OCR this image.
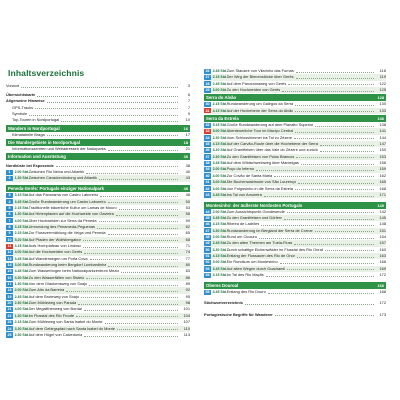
Inhaltsverzeichnis
Vorwort	3
Übersichtskarte	6
Allgemeine Hinweise	7
GPS-Tracks	7
Symbole	9
Top-Touren in Nordportugal	10
Wandern in Nordportugal	16
Klimatabelle Braga	17
Die Wandergebiete in Nordportugal	18
Informationszentren und Webadressen der Naturparks	21
Information und Ausrüstung	36
Nordküste bei Esposende	38
1	2.00 Std. Zwischen Rio Neiva und Atlantik	40
2	1.30 Std. Zwischen Cavadomündung und Atlantik	43
Peneda-Gerês: Portugals einziger Nationalpark	46
3	3.15 Std. Auf das Panorama von Castro Laboreiro	48
4	3.45 Std. Große Rundwanderung um Castro Laboreiro	50
5	2.15 Std. Traditionelle bäuerliche Kultur um Lamas de Mouro	53
6	1.30 Std. Auf Hirtenpfaden auf die Hochweide von Gavieira	56
7	4.00 Std. Über Hochweiden zur Serra da Peneda	59
8	3.15 Std. Umrundung des Penameda-Peguenas	62
9	2.15 Std. Zur Flussverrmählung die Veiga und Peneda	65
10 5.20 Std. Auf Pfaden der Wolfsbergabor	68
11 3.15 Std. Aufs Hochplateau von Lindoso	71
12 4.00 Std. Auf die Hochweiden von Gerês	74
13 3.45 Std. Auf Wanderwegen um Porta Cova	77
14 3.00 Std. Rundwanderung beim Bergdorf Lombardinha	80
15 4.45 Std. Zum Wasserbogen beim Nationalparkzentrum Mezio	83
16 3.30 Std. Zu den Wasserfällen von Sistelo	86
17 1.30 Std. Von dem Glaubensweg von Soajo	89
18 2.00 Std. Zum Alto da Barreira	92
19 2.45 Std. Auf dem Broteweg von Soajo	95
20 2.30 Std. Zum Mühleweg von Parada	98
21 4.00 Std. Der Megalithenweg von Bordal	101
22 1.30 Std. Im Flusstal des Rio Froufe	104
23 2.15 Std. Zum Mühleweg von Santa Isabel do Monte	107
24 3.30 Std. Auf dem Gebirgspfad nach Santa Isabel do Monte	110
25 2.30 Std. Auf dem Hügel von Calcedonia	113
26 2.45 Std. Zum Stausee von Vilarinho das Furnas	116
27 2.15 Std. Der Weg der Bienenstöcke über Gerês	119
28 2.45 Std. Auf dem Panoramaweg von Gerês	122
29 3.00 Std. Zu den Hochweiden von Gerês	125
Serra do Alvão	128
30 2.15 Std. Rundwanderung um Galegos da Serra	130
31 4.15 Std. Auf der Hochebene der Serra do Alvão	133
Serra da Estrela	136
32 5.15 Std. Große Rundwanderung auf dem Planalto Superior	138
33 5.00 Std. Abenteuerliche Tour im Maciço Central	141
34 2.30 Std. Vom Schlosshimmel ins Tal zu Zêzere	144
35 4.15 Std. Auf der Carvão-Route über die Hochebene der Serra	147
36 3.20 Std. Auf Granitfelsen über das Vale do Zêzere und zurück	150
37 2.30 Std. Zu den Granitfelsen von Poios Brancos	153
38 3.45 Std. Auf dem Wildschweinweg über Manteigas	156
39 2.00 Std. Poço do Inferno	159
40 4.00 Std. Zur Covão de Santa Maria	162
41 3.00 Std. Die Buchenwaldroute von São Lourenço	165
42 3.00 Std. Von Folgosinho in die Serra da Estrela	168
43 3.45 Std. Ins Tal von Amoreira	171
Montesinho: der äußerste Nordosten Portugals	140
44 2.00 Std. Zum Aussichtspunkt Gondesende	142
45 3.45 Std. Zu den Granitfelsen und Dörfern	145
46 4.15 Std. Ribeira de Ladrões	148
47 3.30 Std. Rundwanderung im Bergland der Serra de Corroe	151
48 2.00 Std. Rund um Cicouro	154
49 2.45 Std. Zu den alten Thermen am Tuela-Fluss	157
50 3.30 Std. Durch schattige Eichenwälder im Flusstal des Rio Onrail	160
51 4.15 Std. Entlang der Flussauen des Rio de Onor	163
52 3.00 Std. Ein Rundkurs um Montesinho	166
53 3.45 Std. Auf alten Wegen durch Guadramil	169
54 3.15 Std. Im Tal des Rio Maçãs	172
Oberes Douroal	166
55 4.45 Std. Entlang des Rio Douro	168
Stichwortverzeichnis	172
Portugiesische Begriffe für Wanderer	173
